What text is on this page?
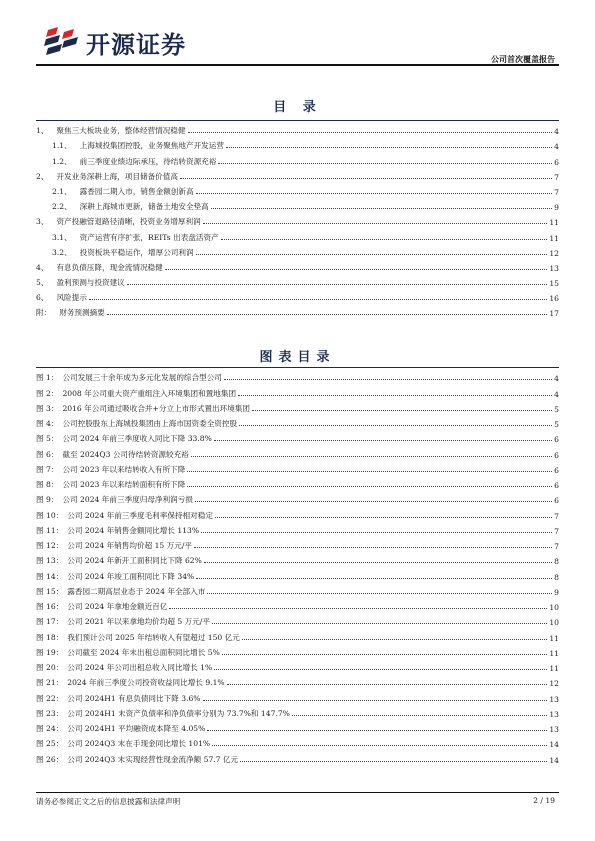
开源证券
公司首次覆盖报告
目 录
1、 聚焦三大板块业务，整体经营情况稳健	4
1.1、 上海城投集团控股，业务聚焦地产开发运营	4
1.2、 前三季度业绩边际承压，待结转资源充裕	6
2、 开发业务深耕上海，项目储备价值高	7
2.1、 露香园二期入市，销售金额创新高	7
2.2、 深耕上海城市更新，储备土地安全垫高	9
3、 资产投融管退路径清晰，投资业务增厚利润	11
3.1、 资产运营有序扩张，REITs 出表盘活资产	11
3.2、 投资板块平稳运作，增厚公司利润	12
4、 有息负债压降，现金流情况稳健	13
5、 盈利预测与投资建议	15
6、 风险提示	16
附： 财务预测摘要	17
图表目录
图 1： 公司发展三十余年成为多元化发展的综合型公司	4
图 2： 2008 年公司重大资产重组注入环境集团和置地集团	4
图 3： 2016 年公司通过吸收合并+分立上市形式置出环境集团	5
图 4： 公司控股股东上海城投集团由上海市国资委全资控股	5
图 5： 公司 2024 年前三季度收入同比下降 33.8%	6
图 6： 截至 2024Q3 公司待结转资源较充裕	6
图 7： 公司 2023 年以来结转收入有所下降	6
图 8： 公司 2023 年以来结转面积有所下降	6
图 9： 公司 2024 年前三季度归母净利润亏损	6
图 10： 公司 2024 年前三季度毛利率保持相对稳定	7
图 11： 公司 2024 年销售金额同比增长 113%	7
图 12： 公司 2024 年销售均价超 15 万元/平	7
图 13： 公司 2024 年新开工面积同比下降 62%	8
图 14： 公司 2024 年竣工面积同比下降 34%	8
图 15： 露香园二期高层业态于 2024 年全部入市	9
图 16： 公司 2024 年拿地金额近百亿	10
图 17： 公司 2021 年以来拿地均价均超 5 万元/平	10
图 18： 我们预计公司 2025 年结转收入有望超过 150 亿元	11
图 19： 公司截至 2024 年末出租总面积同比增长 5%	11
图 20： 公司 2024 年公司出租总收入同比增长 1%	11
图 21： 2024 年前三季度公司投资收益同比增长 9.1%	12
图 22： 公司 2024H1 有息负债同比下降 3.6%	13
图 23： 公司 2024H1 末资产负债率和净负债率分别为 73.7%和 147.7%	13
图 24： 公司 2024H1 平均融资成本降至 4.05%	13
图 25： 公司 2024Q3 末在手现金同比增长 101%	14
图 26： 公司 2024Q3 末实现经营性现金流净额 57.7 亿元	14
请务必参阅正文之后的信息披露和法律声明	2 / 19
